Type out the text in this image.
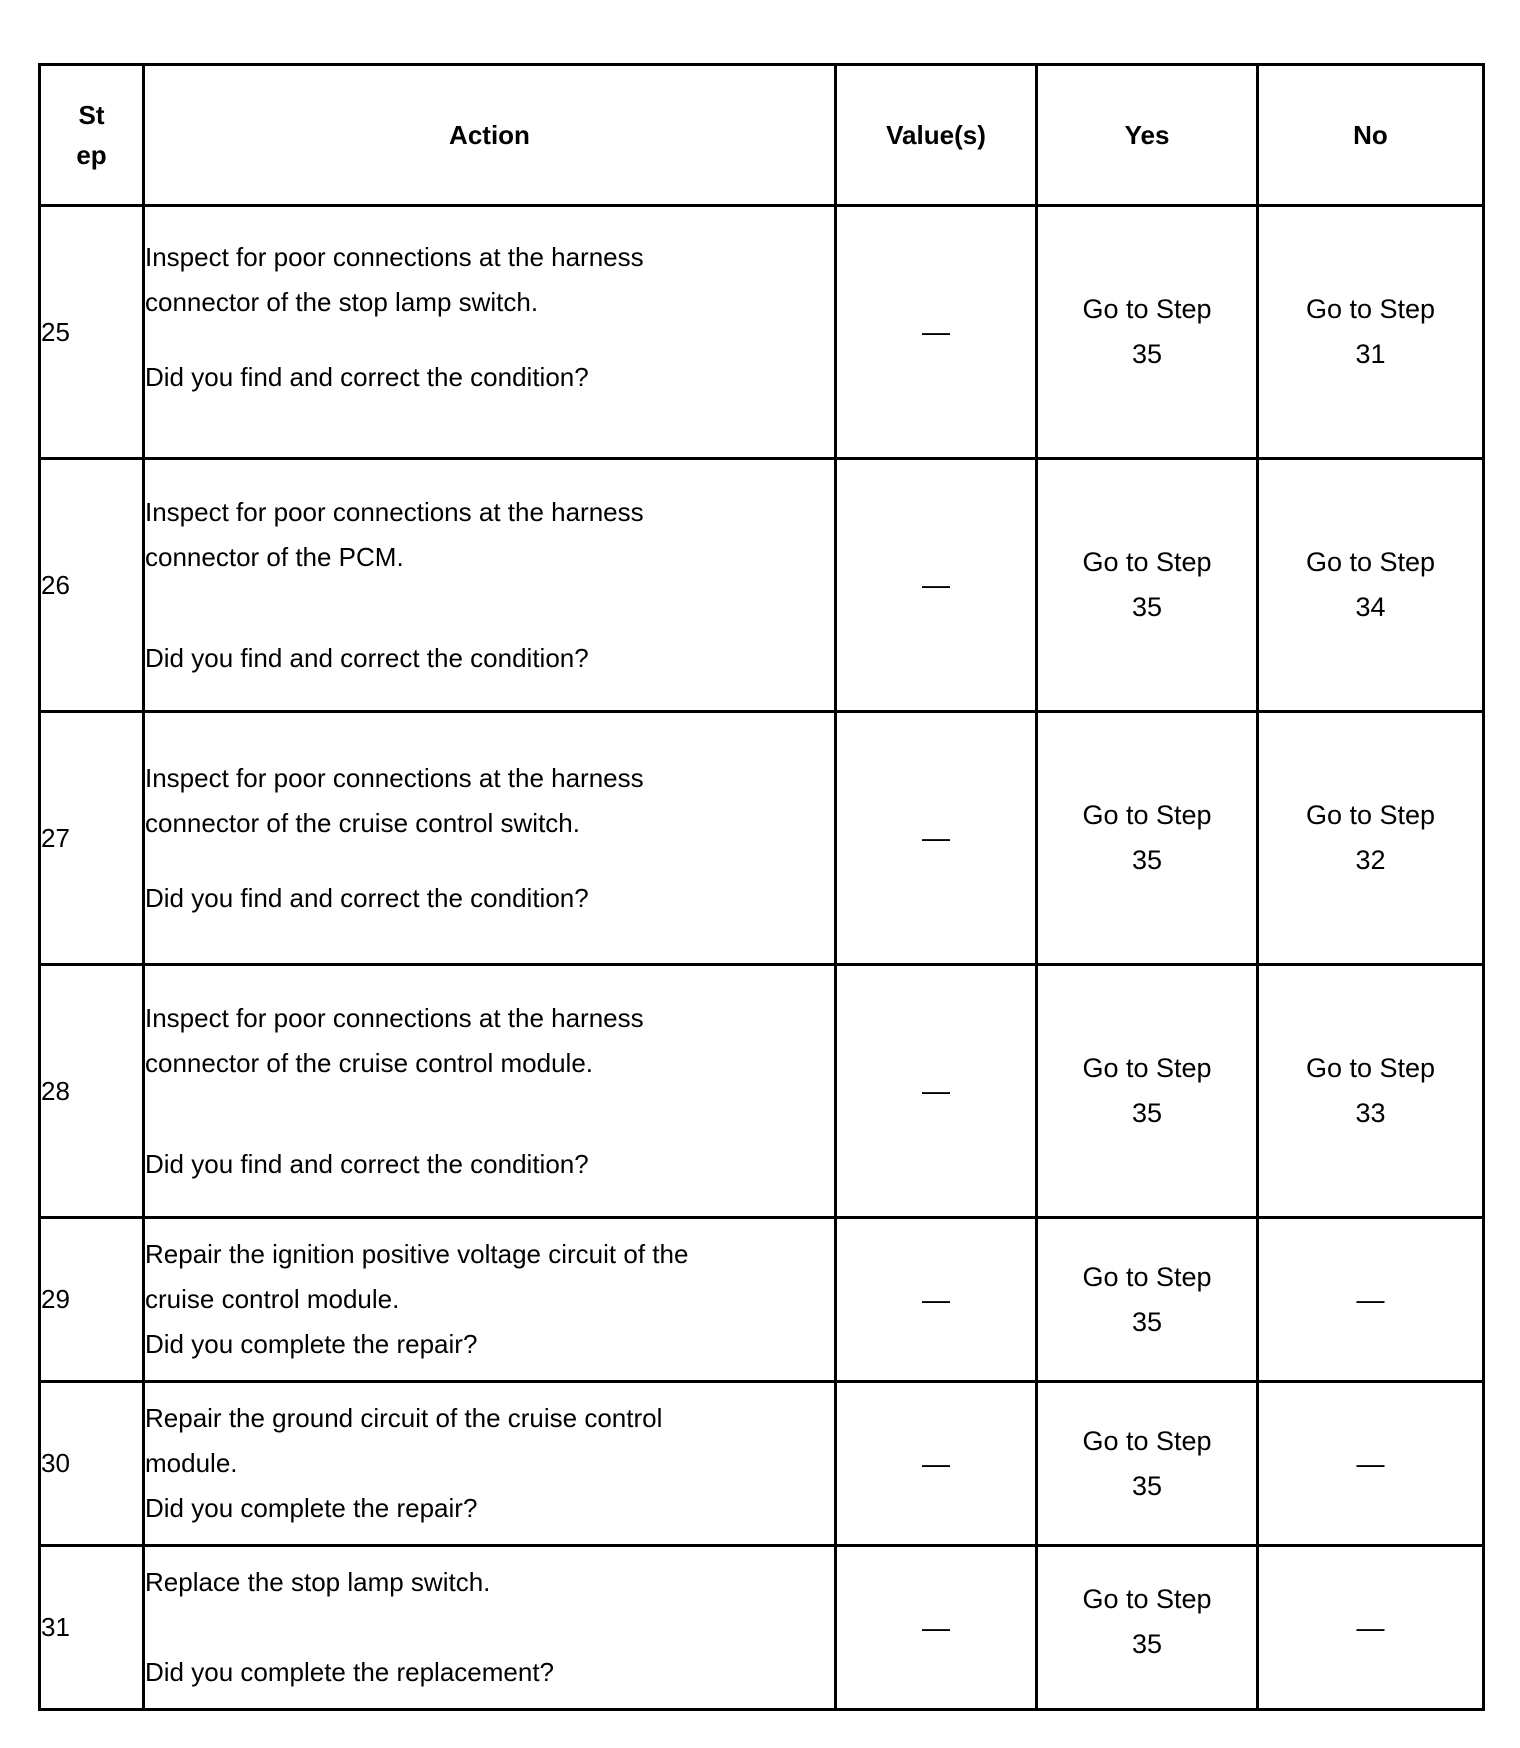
St
ep	Action	Value(s)	Yes	No
25	Inspect for poor connections at the harness
connector of the stop lamp switch.
Did you find and correct the condition?	—	Go to Step
35	Go to Step
31

26	Inspect for poor connections at the harness
connector of the PCM.
Did you find and correct the condition?	—	Go to Step
35	Go to Step
34

27	Inspect for poor connections at the harness
connector of the cruise control switch.
Did you find and correct the condition?	—	Go to Step
35	Go to Step
32

28	Inspect for poor connections at the harness
connector of the cruise control module.
Did you find and correct the condition?	—	Go to Step
35	Go to Step
33

29	Repair the ignition positive voltage circuit of the
cruise control module.
Did you complete the repair?	—	Go to Step
35	—
30	Repair the ground circuit of the cruise control
module.
Did you complete the repair?	—	Go to Step
35	—
31	Replace the stop lamp switch.
Did you complete the replacement?	—	Go to Step
35	—
